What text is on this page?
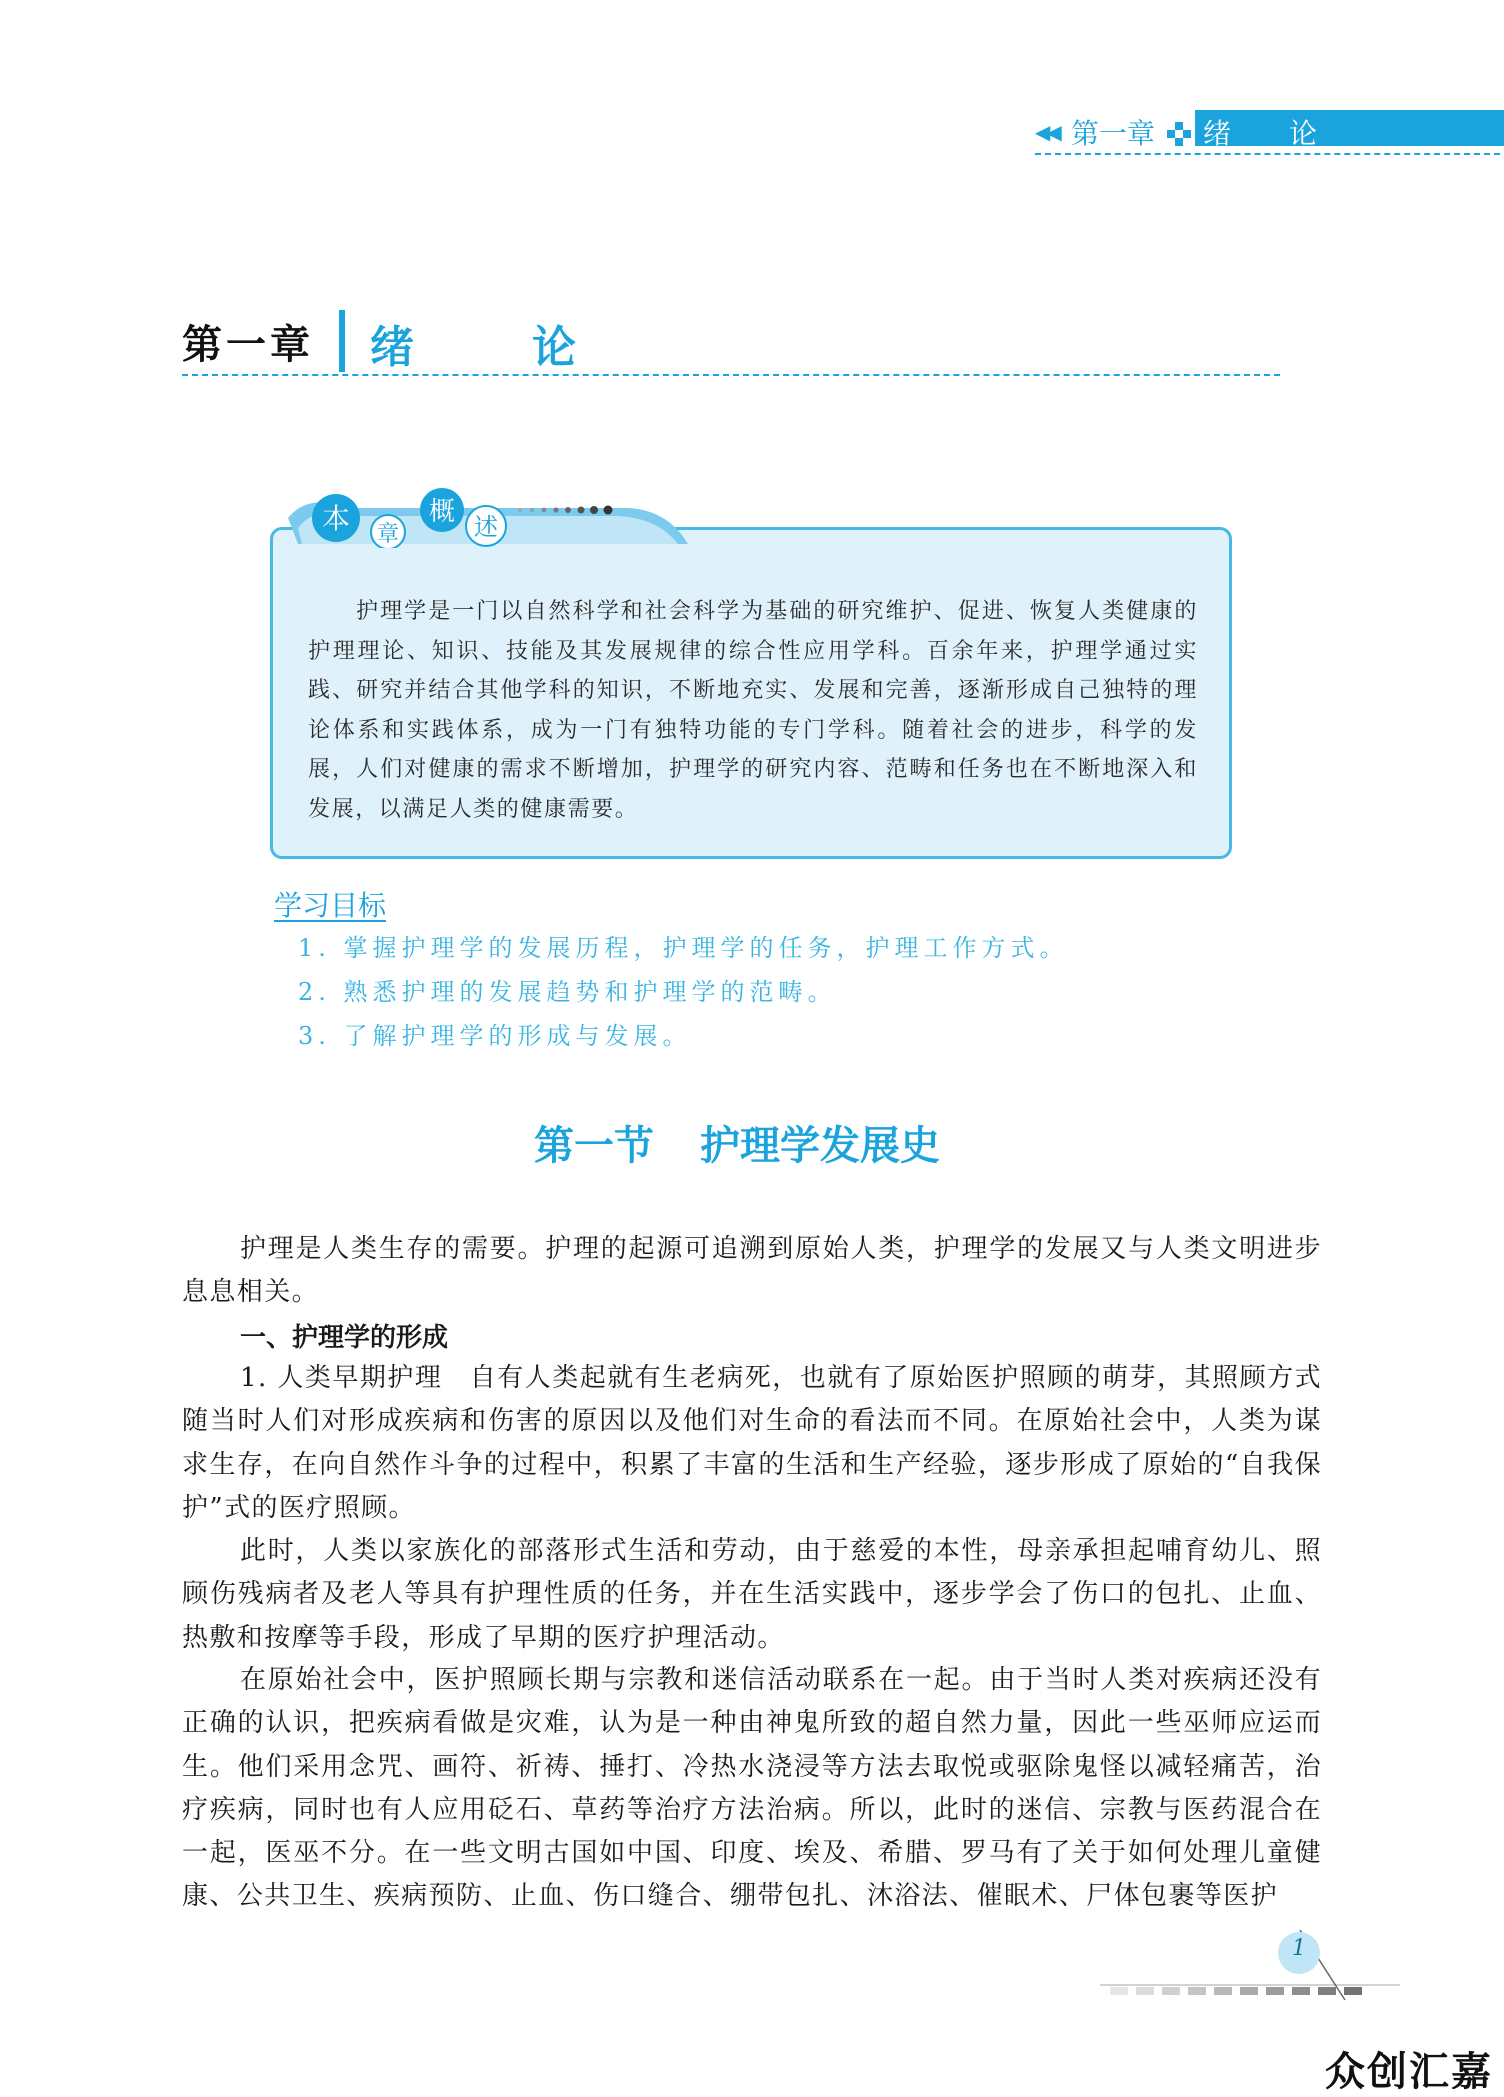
◀◀ 第一章 绪论
第一章 绪论
本 章
概 述
护理学是一门以自然科学和社会科学为基础的研究维护、促进、恢复人类健康的护理理论、知识、技能及其发展规律的综合性应用学科。百余年来，护理学通过实践、研究并结合其他学科的知识，不断地充实、发展和完善，逐渐形成自己独特的理论体系和实践体系，成为一门有独特功能的专门学科。随着社会的进步，科学的发展，人们对健康的需求不断增加，护理学的研究内容、范畴和任务也在不断地深入和发展，以满足人类的健康需要。
学习目标
1. 掌握护理学的发展历程，护理学的任务，护理工作方式。
2. 熟悉护理的发展趋势和护理学的范畴。
3. 了解护理学的形成与发展。
第一节 护理学发展史
护理是人类生存的需要。护理的起源可追溯到原始人类，护理学的发展又与人类文明进步息息相关。
一、护理学的形成
1. 人类早期护理　自有人类起就有生老病死，也就有了原始医护照顾的萌芽，其照顾方式随当时人们对形成疾病和伤害的原因以及他们对生命的看法而不同。在原始社会中，人类为谋求生存，在向自然作斗争的过程中，积累了丰富的生活和生产经验，逐步形成了原始的“自我保护”式的医疗照顾。
此时，人类以家族化的部落形式生活和劳动，由于慈爱的本性，母亲承担起哺育幼儿、照顾伤残病者及老人等具有护理性质的任务，并在生活实践中，逐步学会了伤口的包扎、止血、热敷和按摩等手段，形成了早期的医疗护理活动。
在原始社会中，医护照顾长期与宗教和迷信活动联系在一起。由于当时人类对疾病还没有正确的认识，把疾病看做是灾难，认为是一种由神鬼所致的超自然力量，因此一些巫师应运而生。他们采用念咒、画符、祈祷、捶打、冷热水浇浸等方法去取悦或驱除鬼怪以减轻痛苦，治疗疾病，同时也有人应用砭石、草药等治疗方法治病。所以，此时的迷信、宗教与医药混合在一起，医巫不分。在一些文明古国如中国、印度、埃及、希腊、罗马有了关于如何处理儿童健康、公共卫生、疾病预防、止血、伤口缝合、绷带包扎、沐浴法、催眠术、尸体包裹等医护
1
众创汇嘉
